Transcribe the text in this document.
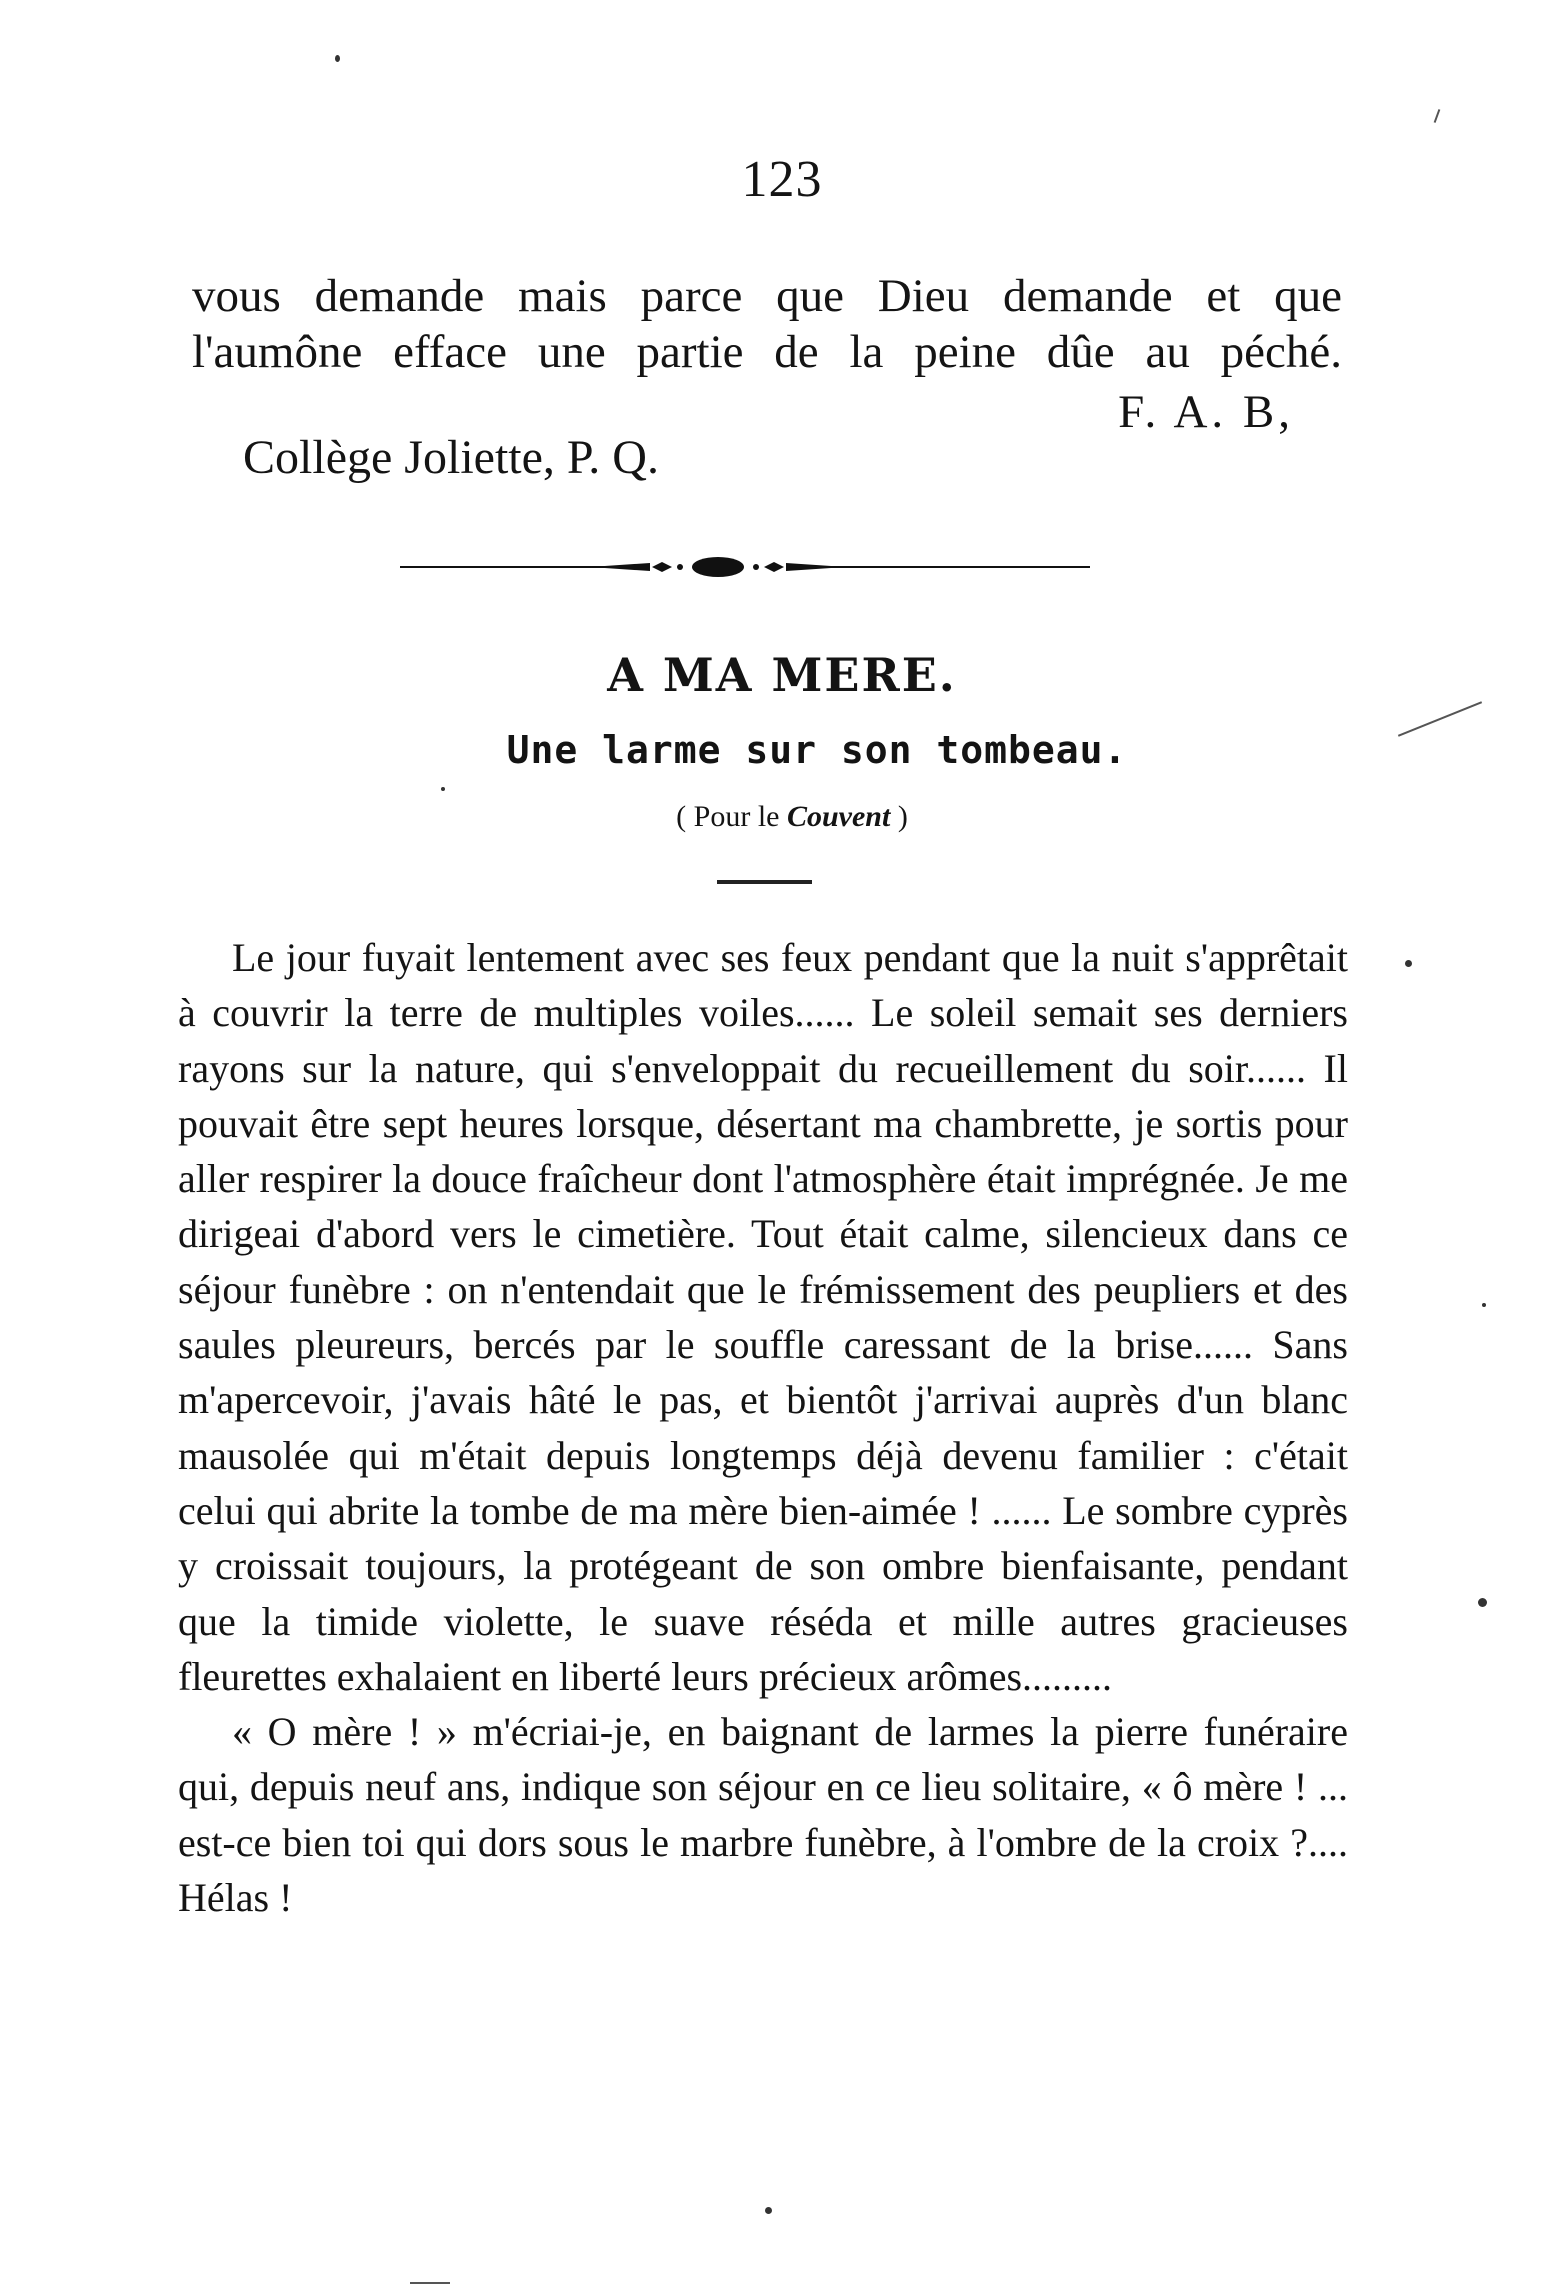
123

vous demande mais parce que Dieu demande et que

l'aumône efface une partie de la peine dûe au péché.

F. A. B,
Collège Joliette, P. Q.
A MA MERE.
Une larme sur son tombeau.
( Pour le Couvent )

Le jour fuyait lentement avec ses feux pendant que la nuit s'apprêtait à couvrir la terre de multiples voiles...... Le soleil semait ses derniers rayons sur la nature, qui s'enveloppait du recueillement du soir...... Il pouvait être sept heures lorsque, désertant ma chambrette, je sortis pour aller respirer la douce fraîcheur dont l'atmosphère était imprégnée. Je me dirigeai d'abord vers le cimetière. Tout était calme, silencieux dans ce séjour funèbre : on n'entendait que le frémissement des peupliers et des saules pleureurs, bercés par le souffle caressant de la brise...... Sans m'apercevoir, j'avais hâté le pas, et bientôt j'arrivai auprès d'un blanc mausolée qui m'était depuis longtemps déjà devenu familier : c'était celui qui abrite la tombe de ma mère bien-aimée ! ...... Le sombre cyprès y croissait toujours, la protégeant de son ombre bienfaisante, pendant que la timide violette, le suave réséda et mille autres gracieuses fleurettes exhalaient en liberté leurs précieux arômes.........

« O mère ! » m'écriai-je, en baignant de larmes la pierre funéraire qui, depuis neuf ans, indique son séjour en ce lieu solitaire, « ô mère ! ... est-ce bien toi qui dors sous le marbre funèbre, à l'ombre de la croix ?.... Hélas !
